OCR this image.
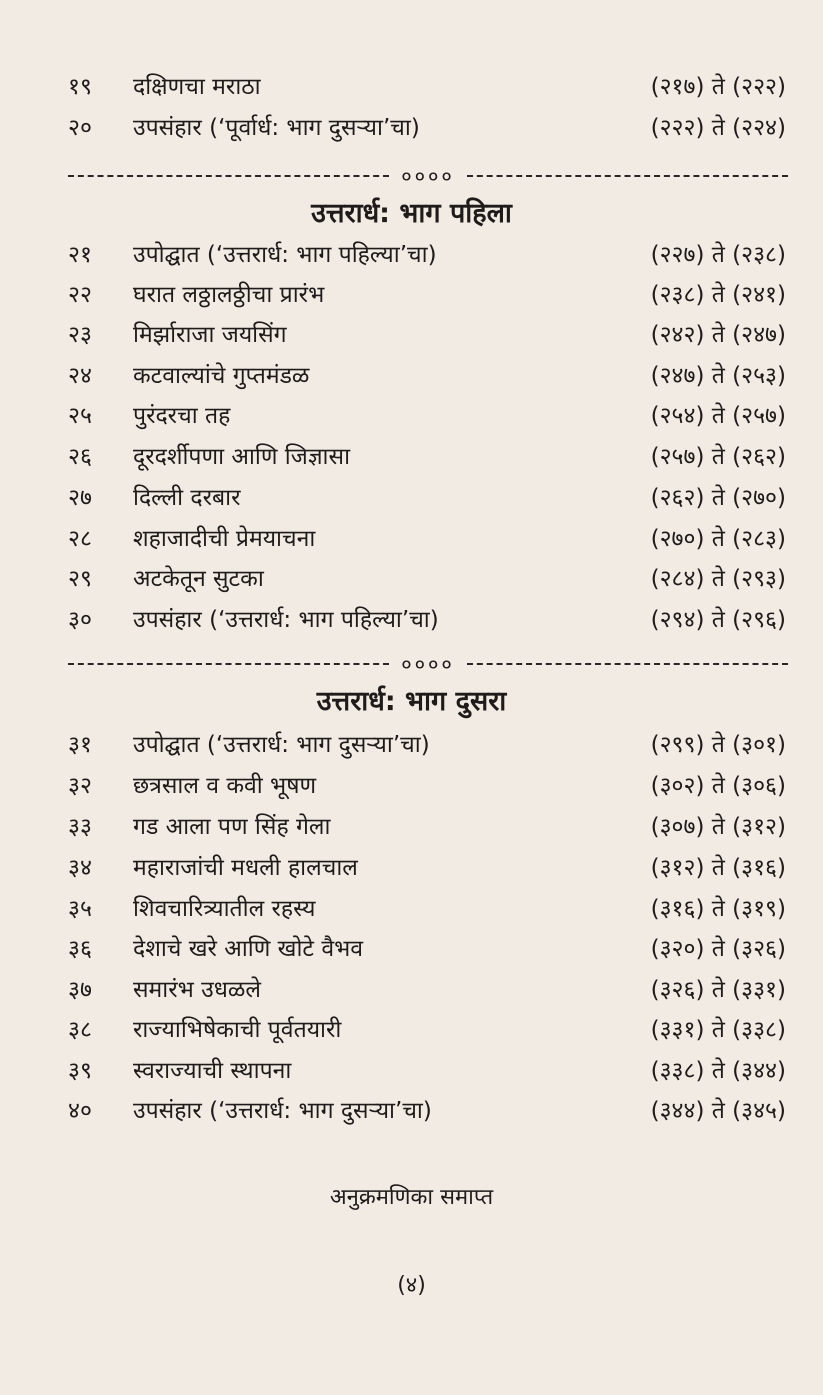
१९ दक्षिणचा मराठा	(२१७) ते (२२२)
२० उपसंहार (‘पूर्वार्ध: भाग दुसऱ्या’चा)	(२२२) ते (२२४)
००००
उत्तरार्ध: भाग पहिला
२१ उपोद्घात (‘उत्तरार्ध: भाग पहिल्या’चा)	(२२७) ते (२३८)
२२ घरात लठ्ठालठ्ठीचा प्रारंभ	(२३८) ते (२४१)
२३ मिर्झाराजा जयसिंग	(२४२) ते (२४७)
२४ कटवाल्यांचे गुप्तमंडळ	(२४७) ते (२५३)
२५ पुरंदरचा तह	(२५४) ते (२५७)
२६ दूरदर्शीपणा आणि जिज्ञासा	(२५७) ते (२६२)
२७ दिल्ली दरबार	(२६२) ते (२७०)
२८ शहाजादीची प्रेमयाचना	(२७०) ते (२८३)
२९ अटकेतून सुटका	(२८४) ते (२९३)
३० उपसंहार (‘उत्तरार्ध: भाग पहिल्या’चा)	(२९४) ते (२९६)
००००
उत्तरार्ध: भाग दुसरा
३१ उपोद्घात (‘उत्तरार्ध: भाग दुसऱ्या’चा)	(२९९) ते (३०१)
३२ छत्रसाल व कवी भूषण	(३०२) ते (३०६)
३३ गड आला पण सिंह गेला	(३०७) ते (३१२)
३४ महाराजांची मधली हालचाल	(३१२) ते (३१६)
३५ शिवचारित्र्यातील रहस्य	(३१६) ते (३१९)
३६ देशाचे खरे आणि खोटे वैभव	(३२०) ते (३२६)
३७ समारंभ उधळले	(३२६) ते (३३१)
३८ राज्याभिषेकाची पूर्वतयारी	(३३१) ते (३३८)
३९ स्वराज्याची स्थापना	(३३८) ते (३४४)
४० उपसंहार (‘उत्तरार्ध: भाग दुसऱ्या’चा)	(३४४) ते (३४५)
अनुक्रमणिका समाप्त
(४)
